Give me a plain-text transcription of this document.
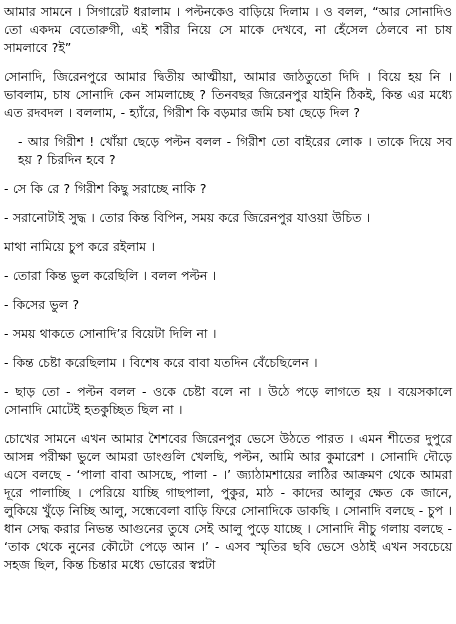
আমার সামনে । সিগারেট ধরালাম । পল্টনকেও বাড়িয়ে দিলাম । ও বলল, “আর সোনাদিও তো একদম বেতোরুগী, এই শরীর নিয়ে সে মাকে দেখবে, না হেঁসেল ঠেলবে না চাষ সামলাবে ?ই”

সোনাদি, জিরেনপুরে আমার দ্বিতীয় আত্মীয়া, আমার জাঠতুতো দিদি । বিয়ে হয় নি । ভাবলাম, চাষ সোনাদি কেন সামলাচ্ছে ? তিনবছর জিরেনপুর যাইনি ঠিকই, কিন্ত এর মধ্যে এত রদবদল । বললাম, - হ্যাঁরে, গিরীশ কি বড়মার জমি চষা ছেড়ে দিল ?

- আর গিরীশ ! খোঁয়া ছেড়ে পল্টন বলল - গিরীশ তো বাইরের লোক । তাকে দিয়ে সব হয় ? চিরদিন হবে ?

- সে কি রে ? গিরীশ কিছু সরাচ্ছে নাকি ?

- সরানোটাই সুদ্ধ । তোর কিন্ত বিপিন, সময় করে জিরেনপুর যাওয়া উচিত ।

মাথা নামিয়ে চুপ করে রইলাম ।

- তোরা কিন্ত ভুল করেছিলি । বলল পল্টন ।

- কিসের ভুল ?

- সময় থাকতে সোনাদি’র বিয়েটা দিলি না ।

- কিন্ত চেষ্টা করেছিলাম । বিশেষ করে বাবা যতদিন বেঁচেছিলেন ।

- ছাড় তো - পল্টন বলল - ওকে চেষ্টা বলে না । উঠে পড়ে লাগতে হয় । বয়েসকালে সোনাদি মোটেই হতকুচ্ছিত ছিল না ।

চোখের সামনে এখন আমার শৈশবের জিরেনপুর ভেসে উঠতে পারত । এমন শীতের দুপুরে আসন্ন পরীক্ষা ভুলে আমরা ডাংগুলি খেলছি, পল্টন, আমি আর কুমারেশ । সোনাদি দৌড়ে এসে বলছে - ‘পালা বাবা আসছে, পালা - ।’ জ্যাঠামশায়ের লাঠির আক্রমণ থেকে আমরা দূরে পালাচ্ছি । পেরিয়ে যাচ্ছি গাছপালা, পুকুর, মাঠ - কাদের আলুর ক্ষেত কে জানে, লুকিয়ে খুঁড়ে নিচ্ছি আলু, সন্ধেবেলা বাড়ি ফিরে সোনাদিকে ডাকছি । সোনাদি বলছে - চুপ । ধান সেদ্ধ করার নিভন্ত আগুনের তুষে সেই আলু পুড়ে যাচ্ছে । সোনাদি নীচু গলায় বলছে - ‘তাক থেকে নুনের কৌটো পেড়ে আন ।’ - এসব স্মৃতির ছবি ভেসে ওঠাই এখন সবচেয়ে সহজ ছিল, কিন্ত চিন্তার মধ্যে ভোরের স্বপ্নটা
